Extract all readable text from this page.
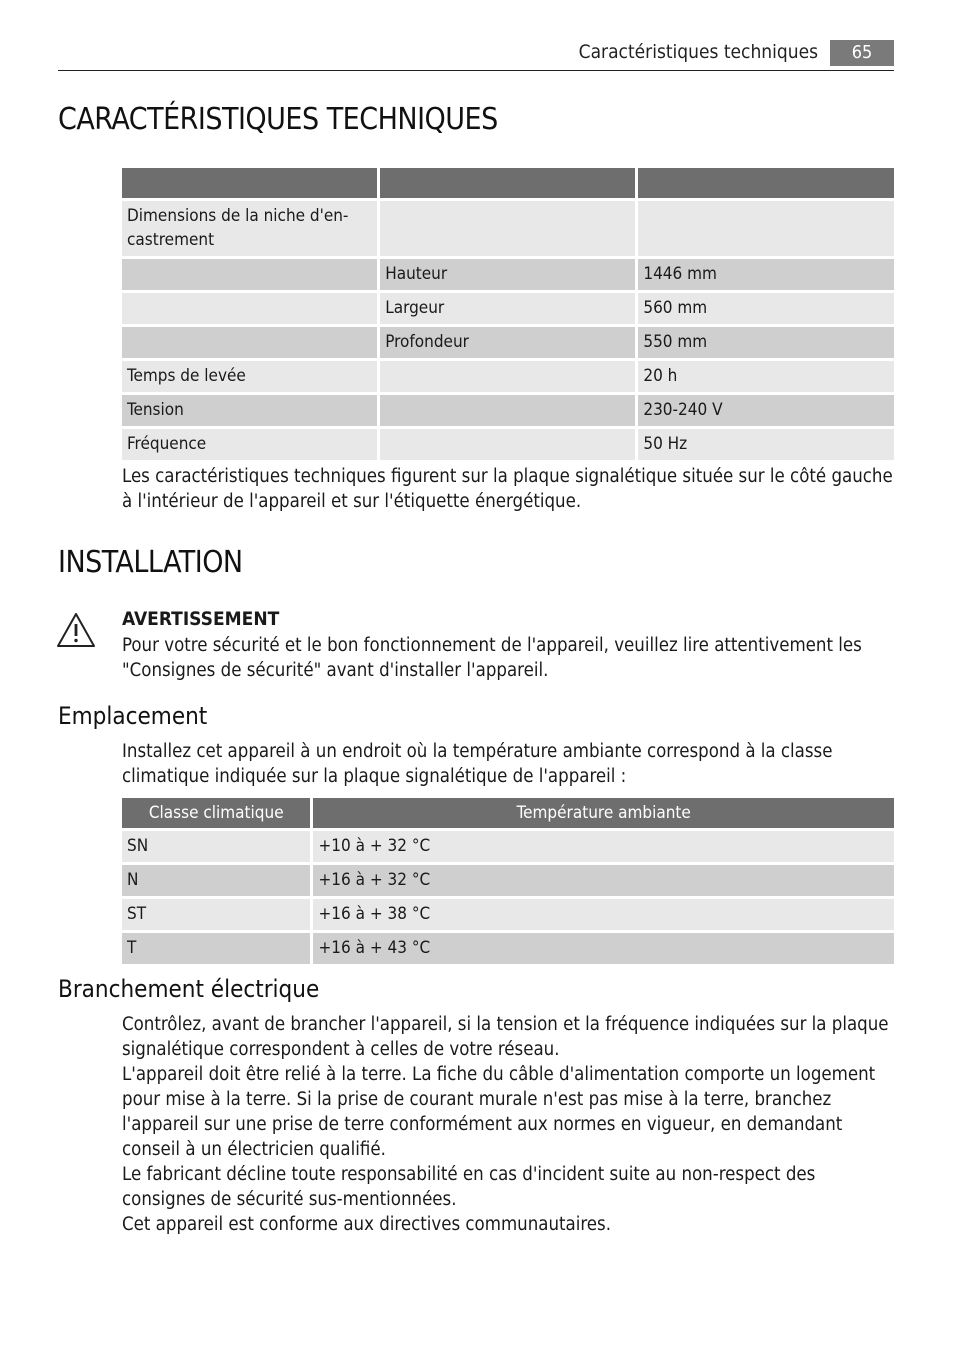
Caractéristiques techniques	65
CARACTÉRISTIQUES TECHNIQUES

Dimensions de la niche d'en-
castrement		
	Hauteur	1446 mm
	Largeur	560 mm
	Profondeur	550 mm
Temps de levée		20 h
Tension		230-240 V
Fréquence		50 Hz

Les caractéristiques techniques figurent sur la plaque signalétique située sur le côté gauche à l'intérieur de l'appareil et sur l'étiquette énergétique.

INSTALLATION
AVERTISSEMENT

Pour votre sécurité et le bon fonctionnement de l'appareil, veuillez lire attentivement les "Consignes de sécurité" avant d'installer l'appareil.

Emplacement

Installez cet appareil à un endroit où la température ambiante correspond à la classe climatique indiquée sur la plaque signalétique de l'appareil :

Classe climatique	Température ambiante
SN	+10 à + 32 °C
N	+16 à + 32 °C
ST	+16 à + 38 °C
T	+16 à + 43 °C
Branchement électrique
Contrôlez, avant de brancher l'appareil, si la tension et la fréquence indiquées sur la plaque signalétique correspondent à celles de votre réseau.
L'appareil doit être relié à la terre. La fiche du câble d'alimentation comporte un logement pour mise à la terre. Si la prise de courant murale n'est pas mise à la terre, branchez l'appareil sur une prise de terre conformément aux normes en vigueur, en demandant conseil à un électricien qualifié.
Le fabricant décline toute responsabilité en cas d'incident suite au non-respect des consignes de sécurité sus-mentionnées.
Cet appareil est conforme aux directives communautaires.
